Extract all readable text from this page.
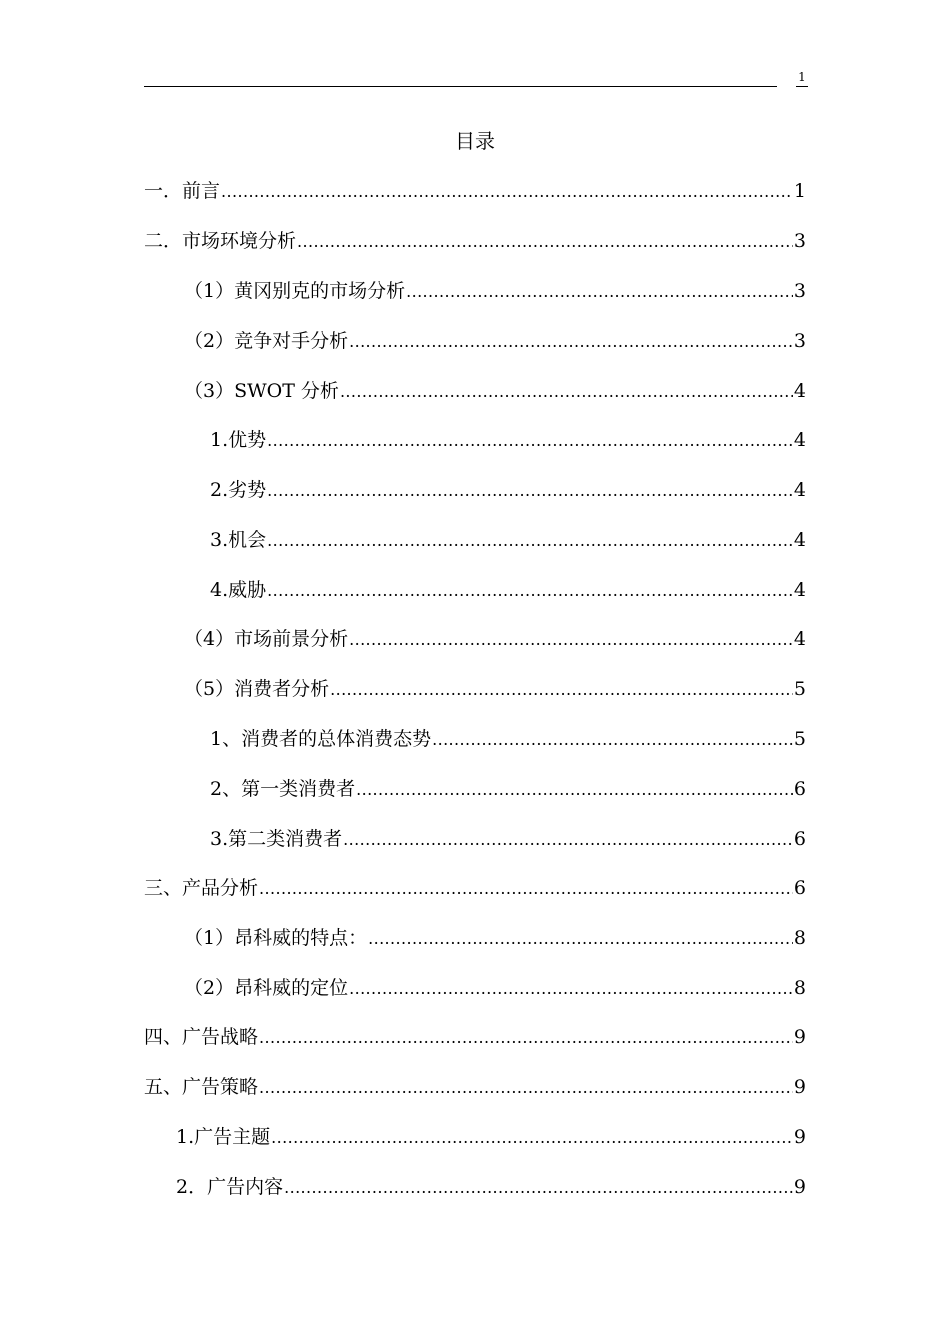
1
目录
一．前言 .....	1
二．市场环境分析 .....	3
（1）黄冈别克的市场分析 .....	3
（2）竞争对手分析 .....	3
（3）SWOT 分析 .....	4
1.优势 .....	4
2.劣势 .....	4
3.机会 .....	4
4.威胁 .....	4
（4）市场前景分析 .....	4
（5）消费者分析 .....	5
1、消费者的总体消费态势 .....	5
2、第一类消费者 .....	6
3.第二类消费者 .....	6
三、产品分析 .....	6
（1）昂科威的特点： .....	8
（2）昂科威的定位 .....	8
四、广告战略 .....	9
五、广告策略 .....	9
1.广告主题 .....	9
2．广告内容 .....	9
